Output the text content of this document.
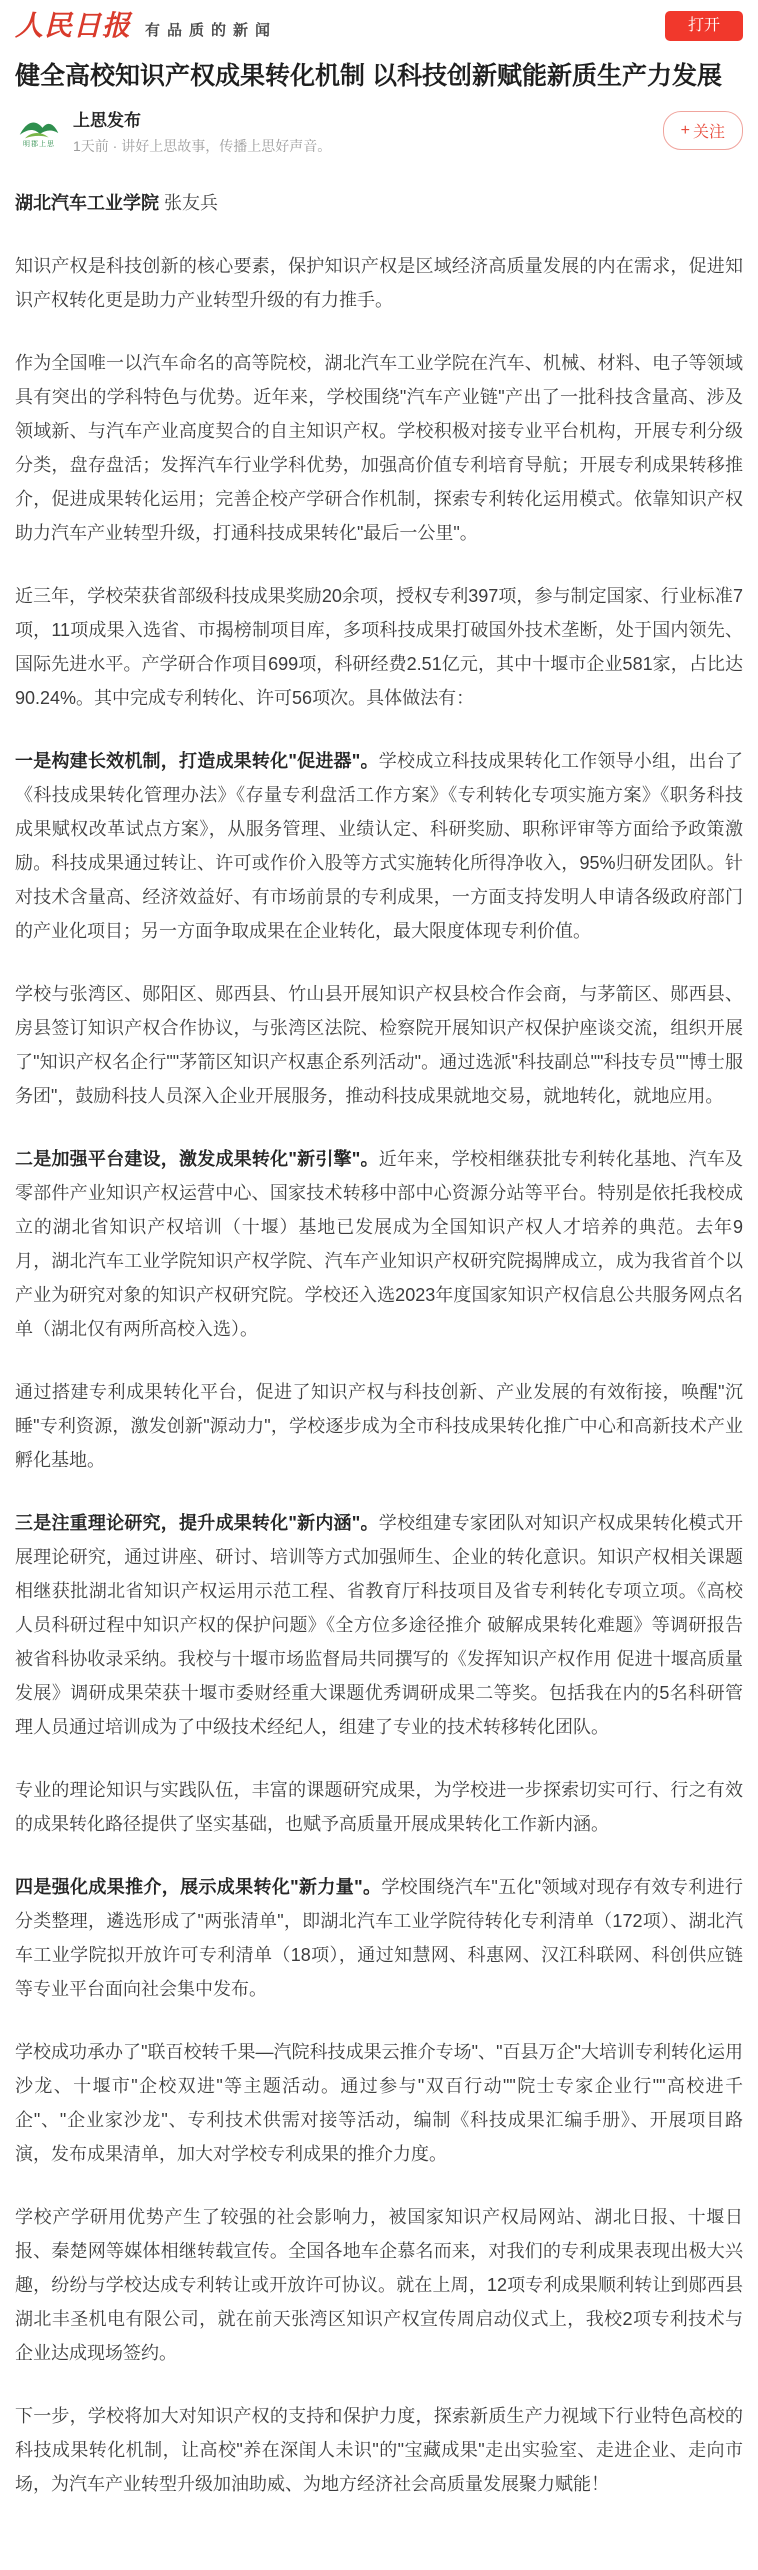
人民日报 有品质的新闻	打开
健全高校知识产权成果转化机制 以科技创新赋能新质生产力发展
明郡上思
上思发布
1天前 · 讲好上思故事，传播上思好声音。
+ 关注

湖北汽车工业学院 张友兵

知识产权是科技创新的核心要素，保护知识产权是区域经济高质量发展的内在需求，促进知识产权转化更是助力产业转型升级的有力推手。

作为全国唯一以汽车命名的高等院校，湖北汽车工业学院在汽车、机械、材料、电子等领域具有突出的学科特色与优势。近年来，学校围绕"汽车产业链"产出了一批科技含量高、涉及领域新、与汽车产业高度契合的自主知识产权。学校积极对接专业平台机构，开展专利分级分类，盘存盘活；发挥汽车行业学科优势，加强高价值专利培育导航；开展专利成果转移推介，促进成果转化运用；完善企校产学研合作机制，探索专利转化运用模式。依靠知识产权助力汽车产业转型升级，打通科技成果转化"最后一公里"。

近三年，学校荣获省部级科技成果奖励20余项，授权专利397项，参与制定国家、行业标准7项，11项成果入选省、市揭榜制项目库，多项科技成果打破国外技术垄断，处于国内领先、国际先进水平。产学研合作项目699项，科研经费2.51亿元，其中十堰市企业581家，占比达90.24%。其中完成专利转化、许可56项次。具体做法有：

一是构建长效机制，打造成果转化"促进器"。学校成立科技成果转化工作领导小组，出台了《科技成果转化管理办法》《存量专利盘活工作方案》《专利转化专项实施方案》《职务科技成果赋权改革试点方案》，从服务管理、业绩认定、科研奖励、职称评审等方面给予政策激励。科技成果通过转让、许可或作价入股等方式实施转化所得净收入，95%归研发团队。针对技术含量高、经济效益好、有市场前景的专利成果，一方面支持发明人申请各级政府部门的产业化项目；另一方面争取成果在企业转化，最大限度体现专利价值。

学校与张湾区、郧阳区、郧西县、竹山县开展知识产权县校合作会商，与茅箭区、郧西县、房县签订知识产权合作协议，与张湾区法院、检察院开展知识产权保护座谈交流，组织开展了"知识产权名企行""茅箭区知识产权惠企系列活动"。通过选派"科技副总""科技专员""博士服务团"，鼓励科技人员深入企业开展服务，推动科技成果就地交易，就地转化，就地应用。

二是加强平台建设，激发成果转化"新引擎"。近年来，学校相继获批专利转化基地、汽车及零部件产业知识产权运营中心、国家技术转移中部中心资源分站等平台。特别是依托我校成立的湖北省知识产权培训（十堰）基地已发展成为全国知识产权人才培养的典范。去年9月，湖北汽车工业学院知识产权学院、汽车产业知识产权研究院揭牌成立，成为我省首个以产业为研究对象的知识产权研究院。学校还入选2023年度国家知识产权信息公共服务网点名单（湖北仅有两所高校入选）。

通过搭建专利成果转化平台，促进了知识产权与科技创新、产业发展的有效衔接，唤醒"沉睡"专利资源，激发创新"源动力"，学校逐步成为全市科技成果转化推广中心和高新技术产业孵化基地。

三是注重理论研究，提升成果转化"新内涵"。学校组建专家团队对知识产权成果转化模式开展理论研究，通过讲座、研讨、培训等方式加强师生、企业的转化意识。知识产权相关课题相继获批湖北省知识产权运用示范工程、省教育厅科技项目及省专利转化专项立项。《高校人员科研过程中知识产权的保护问题》《全方位多途径推介 破解成果转化难题》等调研报告被省科协收录采纳。我校与十堰市场监督局共同撰写的《发挥知识产权作用 促进十堰高质量发展》调研成果荣获十堰市委财经重大课题优秀调研成果二等奖。包括我在内的5名科研管理人员通过培训成为了中级技术经纪人，组建了专业的技术转移转化团队。

专业的理论知识与实践队伍，丰富的课题研究成果，为学校进一步探索切实可行、行之有效的成果转化路径提供了坚实基础，也赋予高质量开展成果转化工作新内涵。

四是强化成果推介，展示成果转化"新力量"。学校围绕汽车"五化"领域对现存有效专利进行分类整理，遴选形成了"两张清单"，即湖北汽车工业学院待转化专利清单（172项）、湖北汽车工业学院拟开放许可专利清单（18项），通过知慧网、科惠网、汉江科联网、科创供应链等专业平台面向社会集中发布。

学校成功承办了"联百校转千果—汽院科技成果云推介专场"、"百县万企"大培训专利转化运用沙龙、十堰市"企校双进"等主题活动。通过参与"双百行动""院士专家企业行""高校进千企"、"企业家沙龙"、专利技术供需对接等活动，编制《科技成果汇编手册》、开展项目路演，发布成果清单，加大对学校专利成果的推介力度。

学校产学研用优势产生了较强的社会影响力，被国家知识产权局网站、湖北日报、十堰日报、秦楚网等媒体相继转载宣传。全国各地车企慕名而来，对我们的专利成果表现出极大兴趣，纷纷与学校达成专利转让或开放许可协议。就在上周，12项专利成果顺利转让到郧西县湖北丰圣机电有限公司，就在前天张湾区知识产权宣传周启动仪式上，我校2项专利技术与企业达成现场签约。

下一步，学校将加大对知识产权的支持和保护力度，探索新质生产力视域下行业特色高校的科技成果转化机制，让高校"养在深闺人未识"的"宝藏成果"走出实验室、走进企业、走向市场，为汽车产业转型升级加油助威、为地方经济社会高质量发展聚力赋能！
